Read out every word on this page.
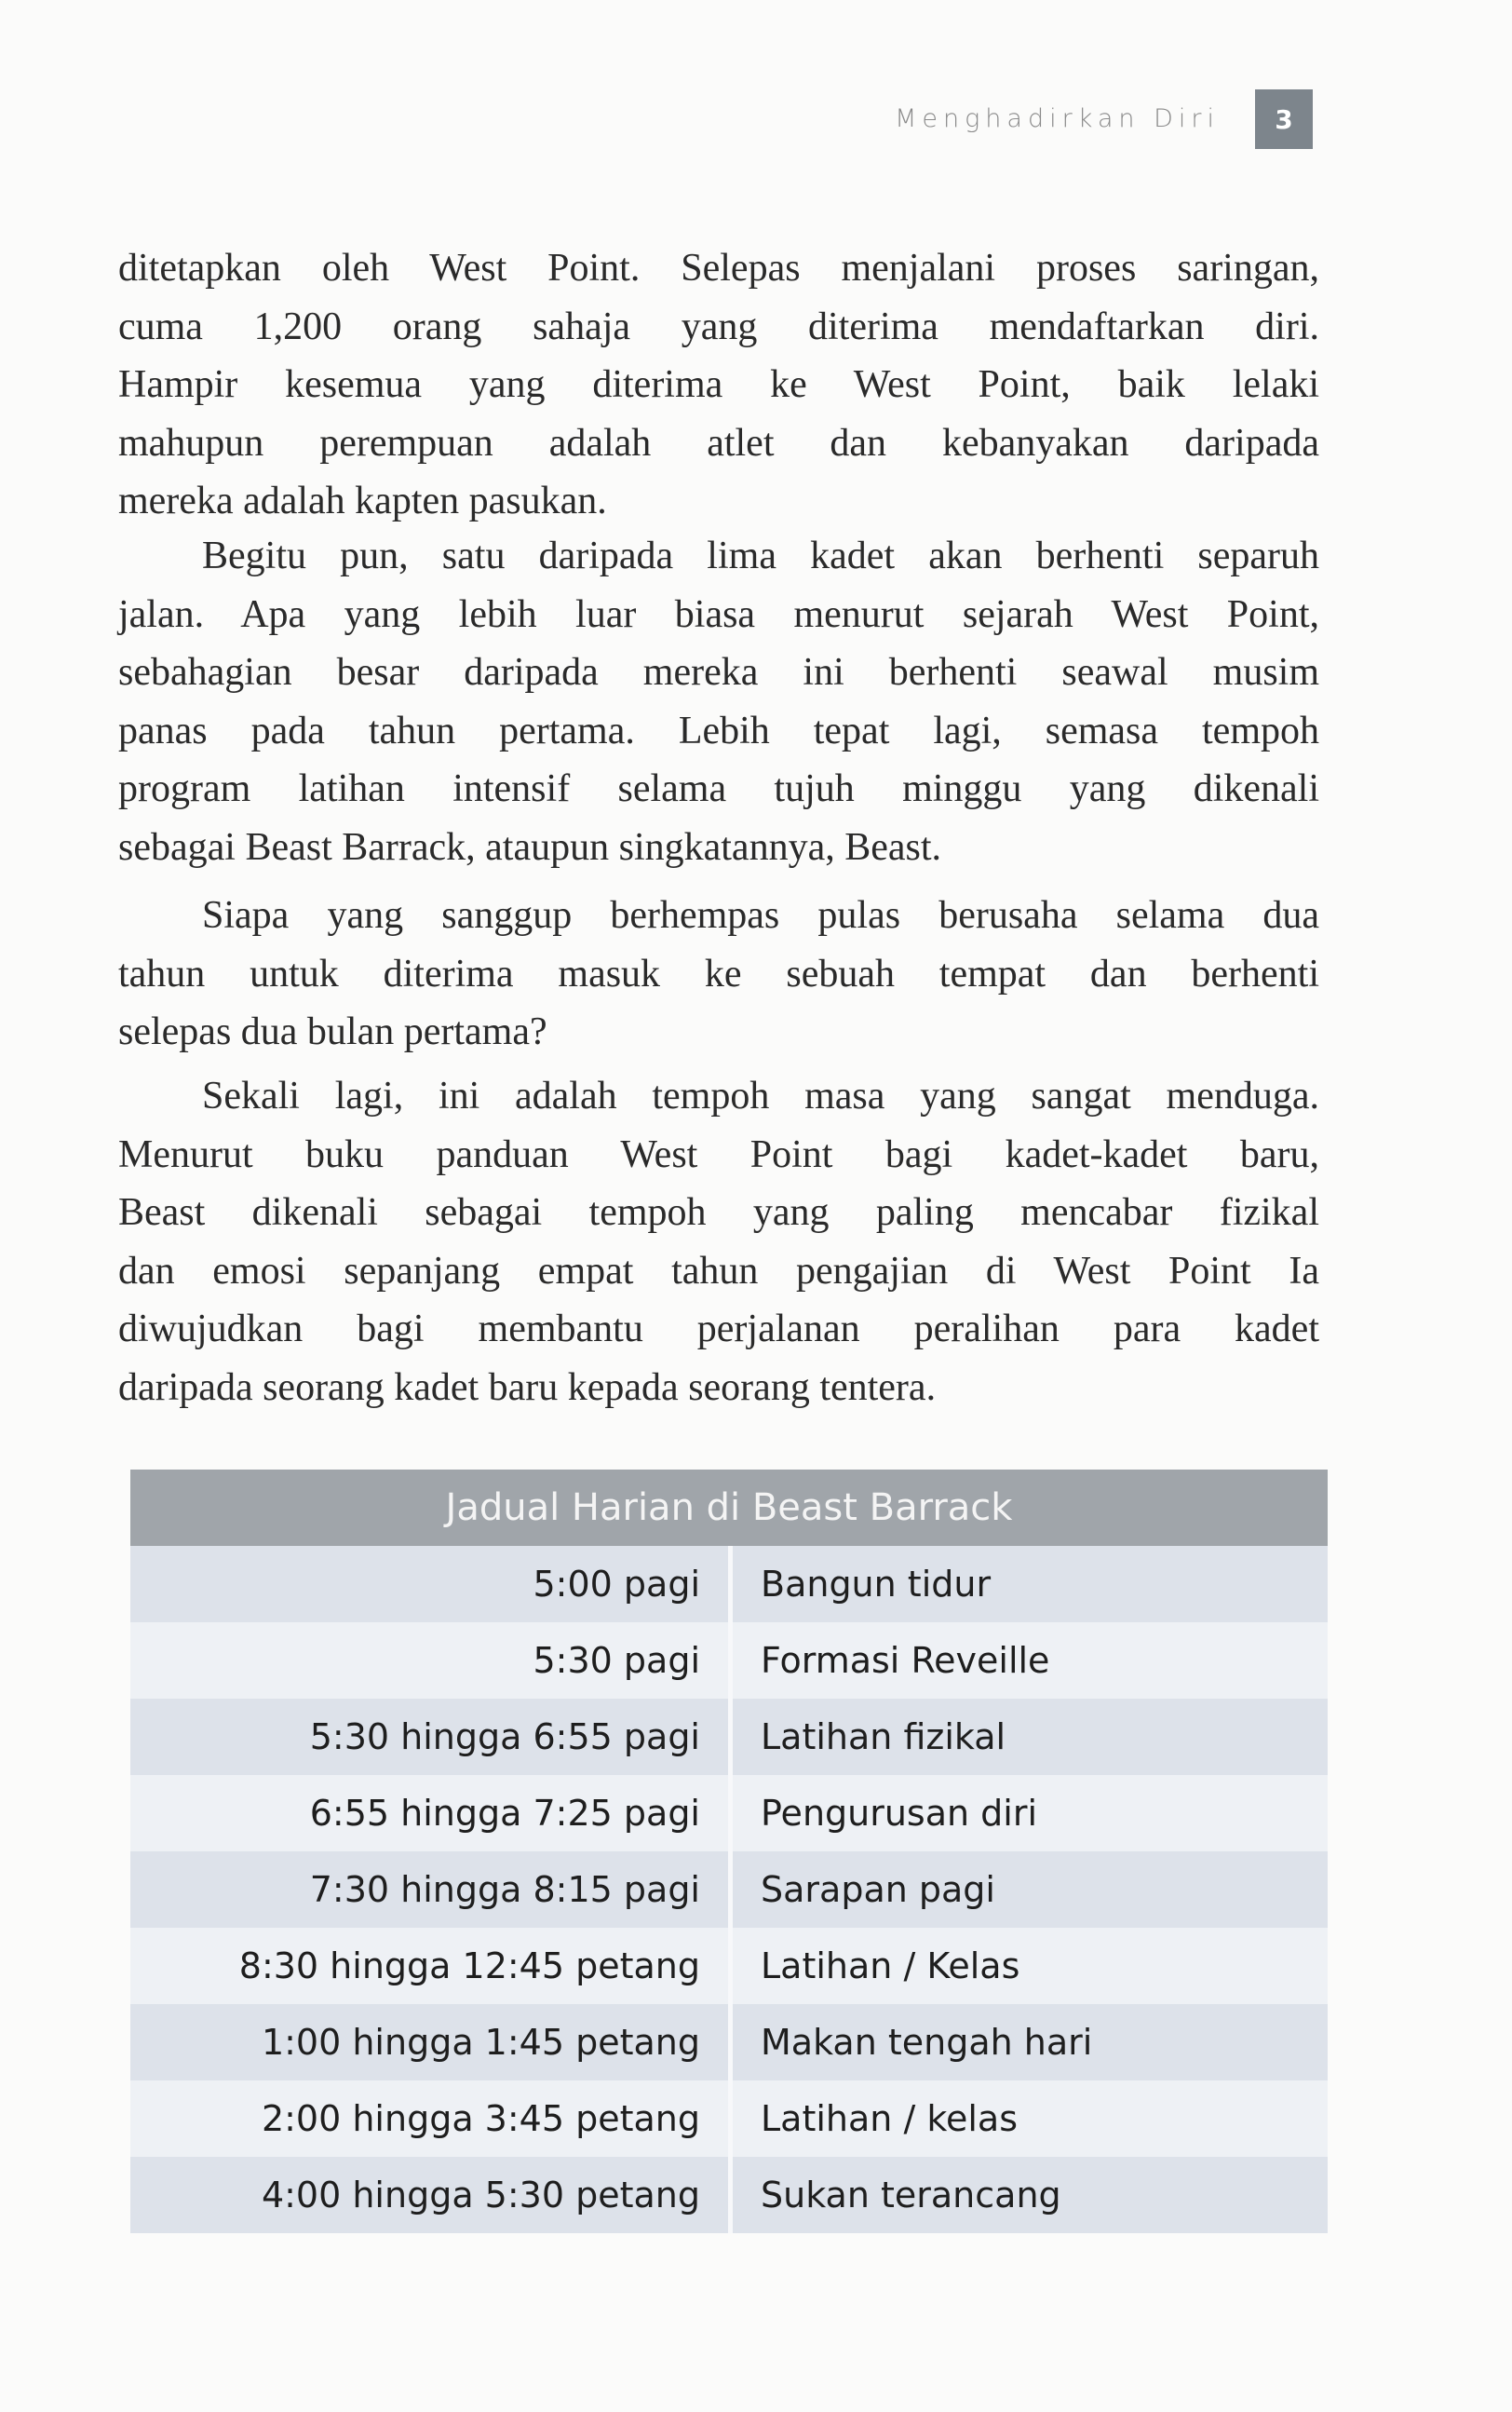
Menghadirkan Diri	3
ditetapkan oleh West Point. Selepas menjalani proses saringan,
cuma 1,200 orang sahaja yang diterima mendaftarkan diri.
Hampir kesemua yang diterima ke West Point, baik lelaki
mahupun perempuan adalah atlet dan kebanyakan daripada
mereka adalah kapten pasukan.
Begitu pun, satu daripada lima kadet akan berhenti separuh
jalan. Apa yang lebih luar biasa menurut sejarah West Point,
sebahagian besar daripada mereka ini berhenti seawal musim
panas pada tahun pertama. Lebih tepat lagi, semasa tempoh
program latihan intensif selama tujuh minggu yang dikenali
sebagai Beast Barrack, ataupun singkatannya, Beast.
Siapa yang sanggup berhempas pulas berusaha selama dua
tahun untuk diterima masuk ke sebuah tempat dan berhenti
selepas dua bulan pertama?
Sekali lagi, ini adalah tempoh masa yang sangat menduga.
Menurut buku panduan West Point bagi kadet-kadet baru,
Beast dikenali sebagai tempoh yang paling mencabar fizikal
dan emosi sepanjang empat tahun pengajian di West Point Ia
diwujudkan bagi membantu perjalanan peralihan para kadet
daripada seorang kadet baru kepada seorang tentera.
Jadual Harian di Beast Barrack
5:00 pagi	Bangun tidur
5:30 pagi	Formasi Reveille
5:30 hingga 6:55 pagi	Latihan fizikal
6:55 hingga 7:25 pagi	Pengurusan diri
7:30 hingga 8:15 pagi	Sarapan pagi
8:30 hingga 12:45 petang	Latihan / Kelas
1:00 hingga 1:45 petang	Makan tengah hari
2:00 hingga 3:45 petang	Latihan / kelas
4:00 hingga 5:30 petang	Sukan terancang
